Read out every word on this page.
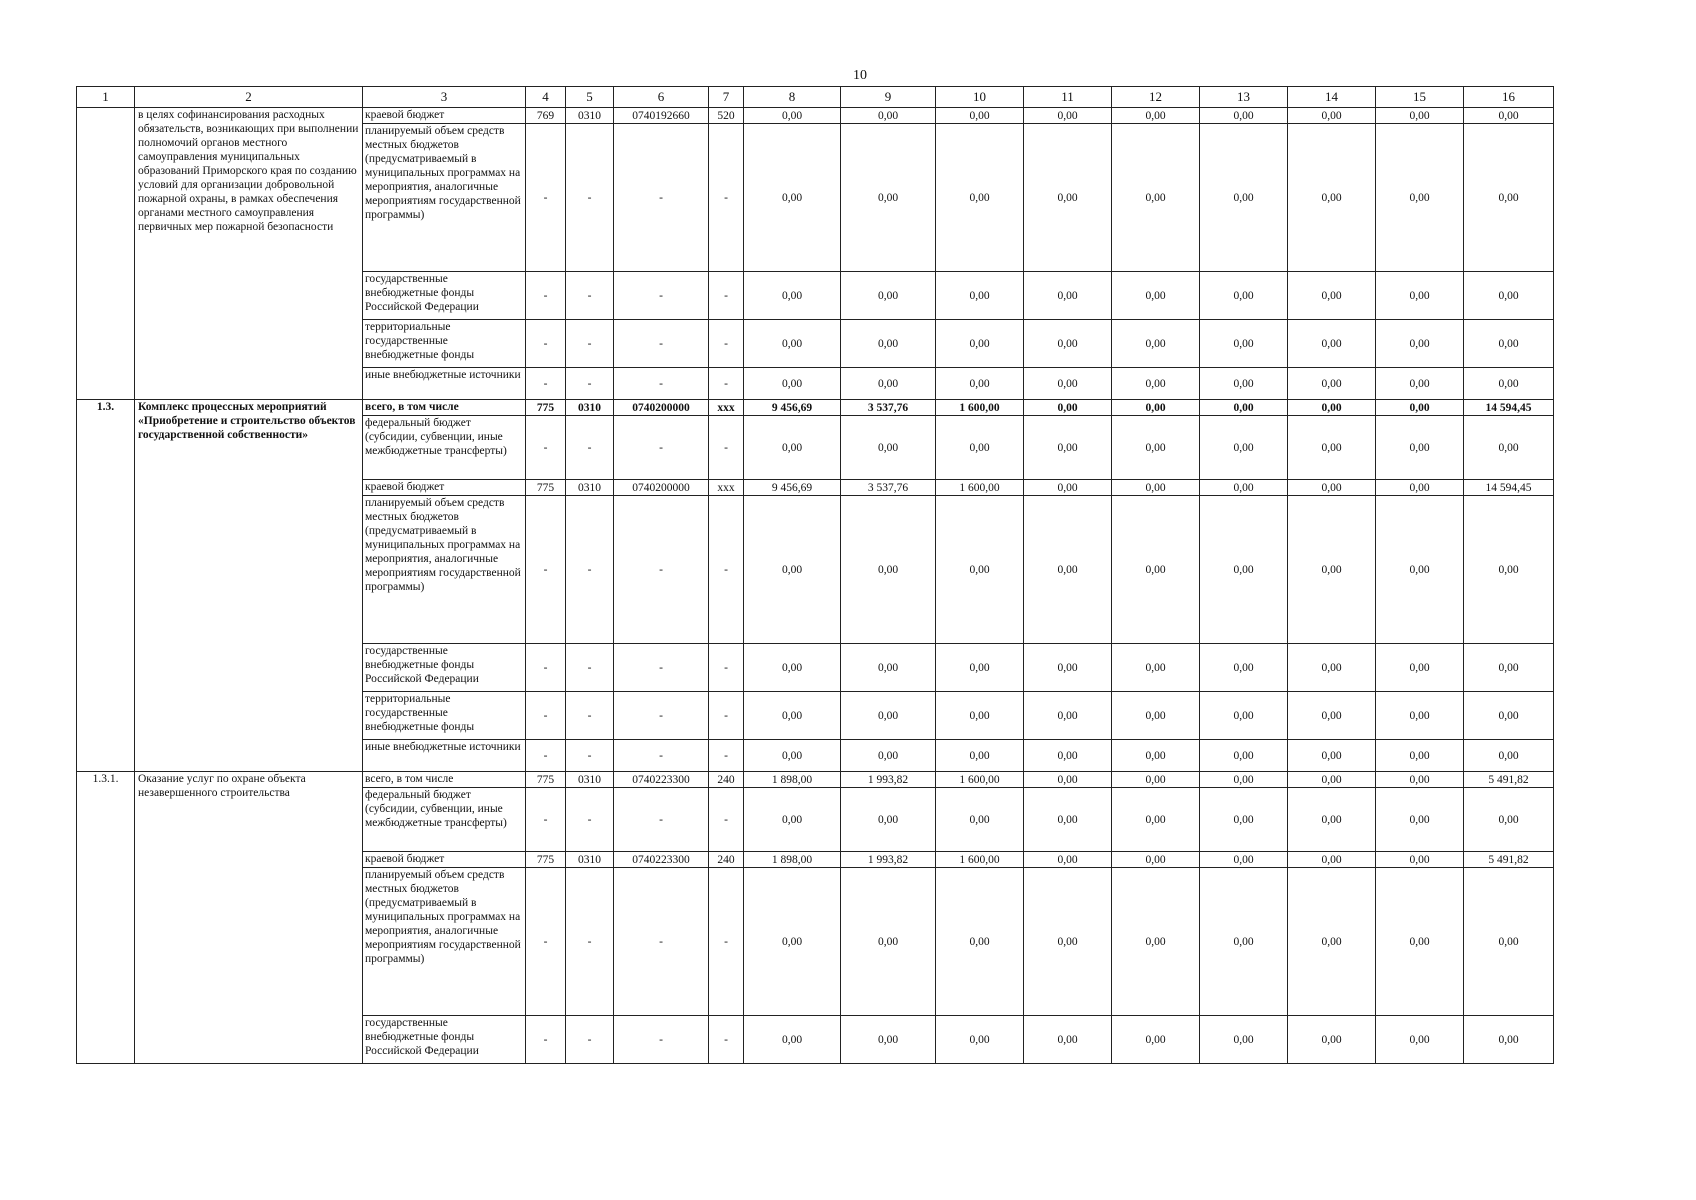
10
1	2	3	4	5	6	7	8	9	10	11	12	13	14	15	16
	в целях софинансирования расходных обязательств, возникающих при выполнении полномочий органов местного самоуправления муниципальных образований Приморского края по созданию условий для организации добровольной пожарной охраны, в рамках обеспечения органами местного самоуправления первичных мер пожарной безопасности	краевой бюджет	769	0310	0740192660	520	0,00	0,00	0,00	0,00	0,00	0,00	0,00	0,00	0,00
		планируемый объем средств местных бюджетов (предусматриваемый в муниципальных программах на мероприятия, аналогичные мероприятиям государственной программы)	-	-	-	-	0,00	0,00	0,00	0,00	0,00	0,00	0,00	0,00	0,00
		государственные внебюджетные фонды Российской Федерации	-	-	-	-	0,00	0,00	0,00	0,00	0,00	0,00	0,00	0,00	0,00
		территориальные государственные внебюджетные фонды	-	-	-	-	0,00	0,00	0,00	0,00	0,00	0,00	0,00	0,00	0,00
		иные внебюджетные источники	-	-	-	-	0,00	0,00	0,00	0,00	0,00	0,00	0,00	0,00	0,00
1.3.	Комплекс процессных мероприятий «Приобретение и строительство объектов государственной собственности»	всего, в том числе	775	0310	0740200000	xxx	9 456,69	3 537,76	1 600,00	0,00	0,00	0,00	0,00	0,00	14 594,45
		федеральный бюджет (субсидии, субвенции, иные межбюджетные трансферты)	-	-	-	-	0,00	0,00	0,00	0,00	0,00	0,00	0,00	0,00	0,00
		краевой бюджет	775	0310	0740200000	xxx	9 456,69	3 537,76	1 600,00	0,00	0,00	0,00	0,00	0,00	14 594,45
		планируемый объем средств местных бюджетов (предусматриваемый в муниципальных программах на мероприятия, аналогичные мероприятиям государственной программы)	-	-	-	-	0,00	0,00	0,00	0,00	0,00	0,00	0,00	0,00	0,00
		государственные внебюджетные фонды Российской Федерации	-	-	-	-	0,00	0,00	0,00	0,00	0,00	0,00	0,00	0,00	0,00
		территориальные государственные внебюджетные фонды	-	-	-	-	0,00	0,00	0,00	0,00	0,00	0,00	0,00	0,00	0,00
		иные внебюджетные источники	-	-	-	-	0,00	0,00	0,00	0,00	0,00	0,00	0,00	0,00	0,00
1.3.1.	Оказание услуг по охране объекта незавершенного строительства	всего, в том числе	775	0310	0740223300	240	1 898,00	1 993,82	1 600,00	0,00	0,00	0,00	0,00	0,00	5 491,82
		федеральный бюджет (субсидии, субвенции, иные межбюджетные трансферты)	-	-	-	-	0,00	0,00	0,00	0,00	0,00	0,00	0,00	0,00	0,00
		краевой бюджет	775	0310	0740223300	240	1 898,00	1 993,82	1 600,00	0,00	0,00	0,00	0,00	0,00	5 491,82
		планируемый объем средств местных бюджетов (предусматриваемый в муниципальных программах на мероприятия, аналогичные мероприятиям государственной программы)	-	-	-	-	0,00	0,00	0,00	0,00	0,00	0,00	0,00	0,00	0,00
		государственные внебюджетные фонды Российской Федерации	-	-	-	-	0,00	0,00	0,00	0,00	0,00	0,00	0,00	0,00	0,00
